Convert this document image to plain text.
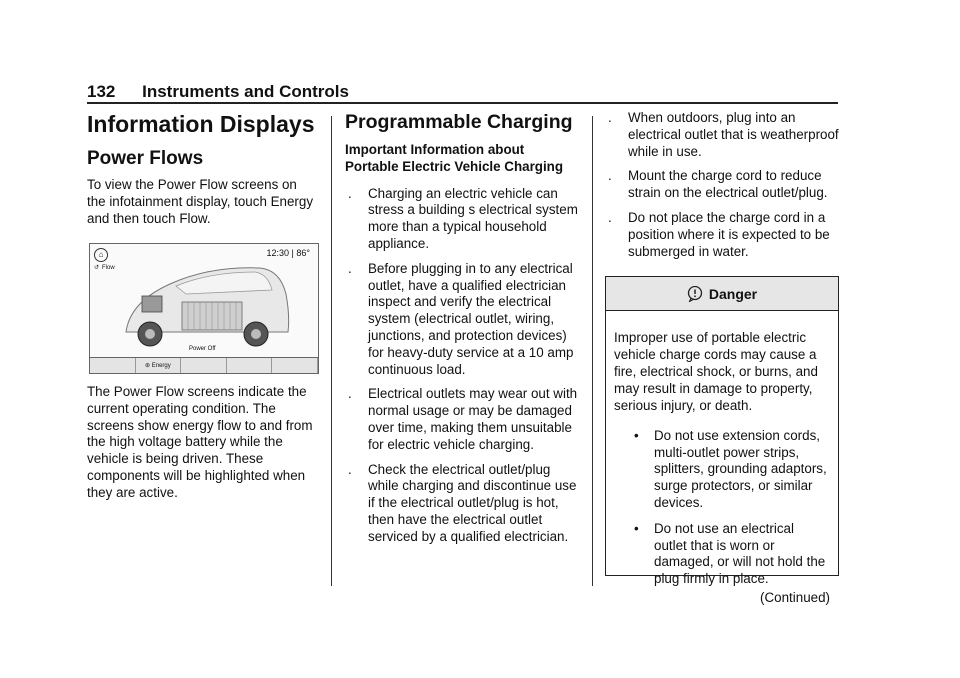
132 Instruments and Controls
Information Displays
Power Flows

To view the Power Flow screens on the infotainment display, touch Energy and then touch Flow.

⌂	12:30 | 86°
↺ Flow
Power Off
⊛
Energy

The Power Flow screens indicate the current operating condition. The screens show energy flow to and from the high voltage battery while the vehicle is being driven. These components will be highlighted when they are active.

Programmable Charging

Important Information about Portable Electric Vehicle Charging

. Charging an electric vehicle can stress a building s electrical system more than a typical household appliance.
. Before plugging in to any electrical outlet, have a qualified electrician inspect and verify the electrical system (electrical outlet, wiring, junctions, and protection devices) for heavy-duty service at a 10 amp continuous load.
. Electrical outlets may wear out with normal usage or may be damaged over time, making them unsuitable for electric vehicle charging.
. Check the electrical outlet/plug while charging and discontinue use if the electrical outlet/plug is hot, then have the electrical outlet serviced by a qualified electrician.
. When outdoors, plug into an electrical outlet that is weatherproof while in use.
. Mount the charge cord to reduce strain on the electrical outlet/plug.
. Do not place the charge cord in a position where it is expected to be submerged in water.
Danger

Improper use of portable electric vehicle charge cords may cause a fire, electrical shock, or burns, and may result in damage to property, serious injury, or death.

• Do not use extension cords, multi-outlet power strips, splitters, grounding adaptors, surge protectors, or similar devices.
• Do not use an electrical outlet that is worn or damaged, or will not hold the plug firmly in place.

(Continued)
